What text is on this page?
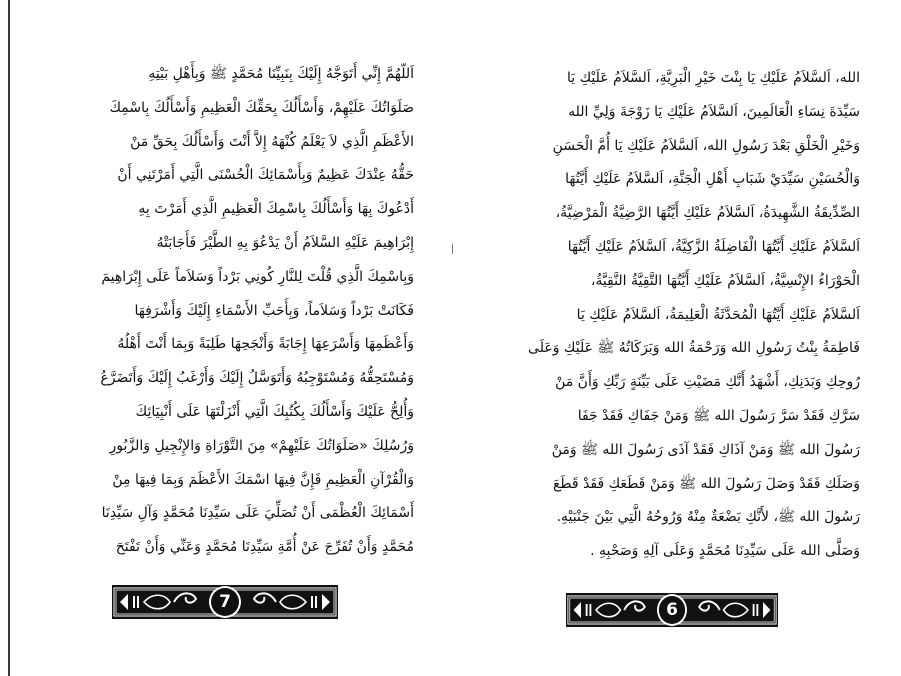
اَللّهُمَّ إِنِّي أَتَوَجَّهُ إِلَيْكَ بِنَبِيِّنَا مُحَمَّدٍ ﷺ وَبِأَهْلِ بَيْتِهِ
صَلَوَاتُكَ عَلَيْهِمْ، وَأَسْأَلُكَ بِحَقِّكَ الْعَظِيمِ وَأَسْأَلُكَ بِاسْمِكَ
الأَعْظَمِ الَّذِي لاَ يَعْلَمُ كُنْهَهُ إِلاَّ أَنْتَ وَأَسْأَلُكَ بِحَقِّ مَنْ
حَقُّهُ عِنْدَكَ عَظِيمٌ وَبِأَسْمَائِكَ الْحُسْنَى الَّتِي أَمَرْتَنِي أَنْ
أَدْعُوكَ بِهَا وَأَسْأَلُكَ بِاسْمِكَ الْعَظِيمِ الَّذِي أَمَرْتَ بِهِ
إِبْرَاهِيمَ عَلَيْهِ السَّلاَمُ أَنْ يَدْعُوَ بِهِ الطَّيْرَ فَأَجَابَتْهُ
وَبِاسْمِكَ الَّذِي قُلْتَ لِلنَّارِ كُونِي بَرْداً وَسَلاَماً عَلَى إِبْرَاهِيمَ
فَكَانَتْ بَرْداً وَسَلاَماً، وَبِأَحَبِّ الأَسْمَاءِ إِلَيْكَ وَأَشْرَفِهَا
وَأَعْظَمِهَا وَأَسْرَعِهَا إِجَابَةً وَأَنْجَحِهَا طَلِبَةً وَبِمَا أَنْتَ أَهْلُهُ
وَمُسْتَحِقُّهُ وَمُسْتَوْجِبُهُ وَأَتَوَسَّلُ إِلَيْكَ وَأَرْغَبُ إِلَيْكَ وَأَتَضَرَّعُ
وَأُلِحُّ عَلَيْكَ وَأَسْأَلُكَ بِكُتُبِكَ الَّتِي أَنْزَلْتَهَا عَلَى أَنْبِيَائِكَ
وَرُسُلِكَ «صَلَوَاتُكَ عَلَيْهِمْ» مِنَ التَّوْرَاةِ وَالإِنْجِيلِ وَالزَّبُورِ
وَالْقُرْآنِ الْعَظِيمِ فَإِنَّ فِيهَا اسْمَكَ الأَعْظَمَ وَبِمَا فِيهَا مِنْ
أَسْمَائِكَ الْعُظْمَى أَنْ تُصَلِّيَ عَلَى سَيِّدِنَا مُحَمَّدٍ وَآلِ سَيِّدِنَا
مُحَمَّدٍ وَأَنْ تُفَرِّجَ عَنْ أُمَّةِ سَيِّدِنَا مُحَمَّدٍ وَعَنِّي وَأَنْ تَفْتَحَ
الله، اَلسَّلاَمُ عَلَيْكِ يَا بِنْتَ خَيْرِ الْبَرِيَّةِ، اَلسَّلاَمُ عَلَيْكِ يَا
سَيِّدَةَ نِسَاءِ الْعَالَمِينَ، اَلسَّلاَمُ عَلَيْكِ يَا زَوْجَةَ وَلِيِّ الله
وَخَيْرِ الْخَلْقِ بَعْدَ رَسُولِ الله، اَلسَّلاَمُ عَلَيْكِ يَا أُمَّ الْحَسَنِ
وَالْحُسَيْنِ سَيِّدَيْ شَبَابِ أَهْلِ الْجَنَّةِ، اَلسَّلاَمُ عَلَيْكِ أَيَّتُهَا
الصِّدِّيقَةُ الشَّهِيدَةُ، اَلسَّلاَمُ عَلَيْكِ أَيَّتُهَا الرَّضِيَّةُ الْمَرْضِيَّةُ،
اَلسَّلاَمُ عَلَيْكِ أَيَّتُهَا الْفَاضِلَةُ الزَّكِيَّةُ، اَلسَّلاَمُ عَلَيْكِ أَيَّتُهَا
الْحَوْرَاءُ الإِنْسِيَّةُ، اَلسَّلاَمُ عَلَيْكِ أَيَّتُهَا التَّقِيَّةُ النَّقِيَّةُ،
اَلسَّلاَمُ عَلَيْكِ أَيَّتُهَا الْمُحَدَّثَةُ الْعَلِيمَةُ، اَلسَّلاَمُ عَلَيْكِ يَا
فَاطِمَةُ بِنْتُ رَسُولِ الله وَرَحْمَةُ الله وَبَرَكَاتُهُ ﷺ عَلَيْكِ وَعَلَى
رُوحِكِ وَبَدَنِكِ، أَشْهَدُ أَنَّكِ مَضَيْتِ عَلَى بَيِّنَةٍ رَبِّكِ وَأَنَّ مَنْ
سَرَّكِ فَقَدْ سَرَّ رَسُولَ الله ﷺ وَمَنْ جَفَاكِ فَقَدْ جَفَا
رَسُولَ الله ﷺ وَمَنْ آذَاكِ فَقَدْ آذَى رَسُولَ الله ﷺ وَمَنْ
وَصَلَكِ فَقَدْ وَصَلَ رَسُولَ الله ﷺ وَمَنْ قَطَعَكِ فَقَدْ قَطَعَ
رَسُولَ الله ﷺ، لأَنَّكِ بَضْعَةٌ مِنْهُ وَرُوحُهُ الَّتِي بَيْنَ جَنْبَيْهِ.
وَصَلَّى الله عَلَى سَيِّدِنَا مُحَمَّدٍ وَعَلَى آلِهِ وَصَحْبِهِ .
7	6
